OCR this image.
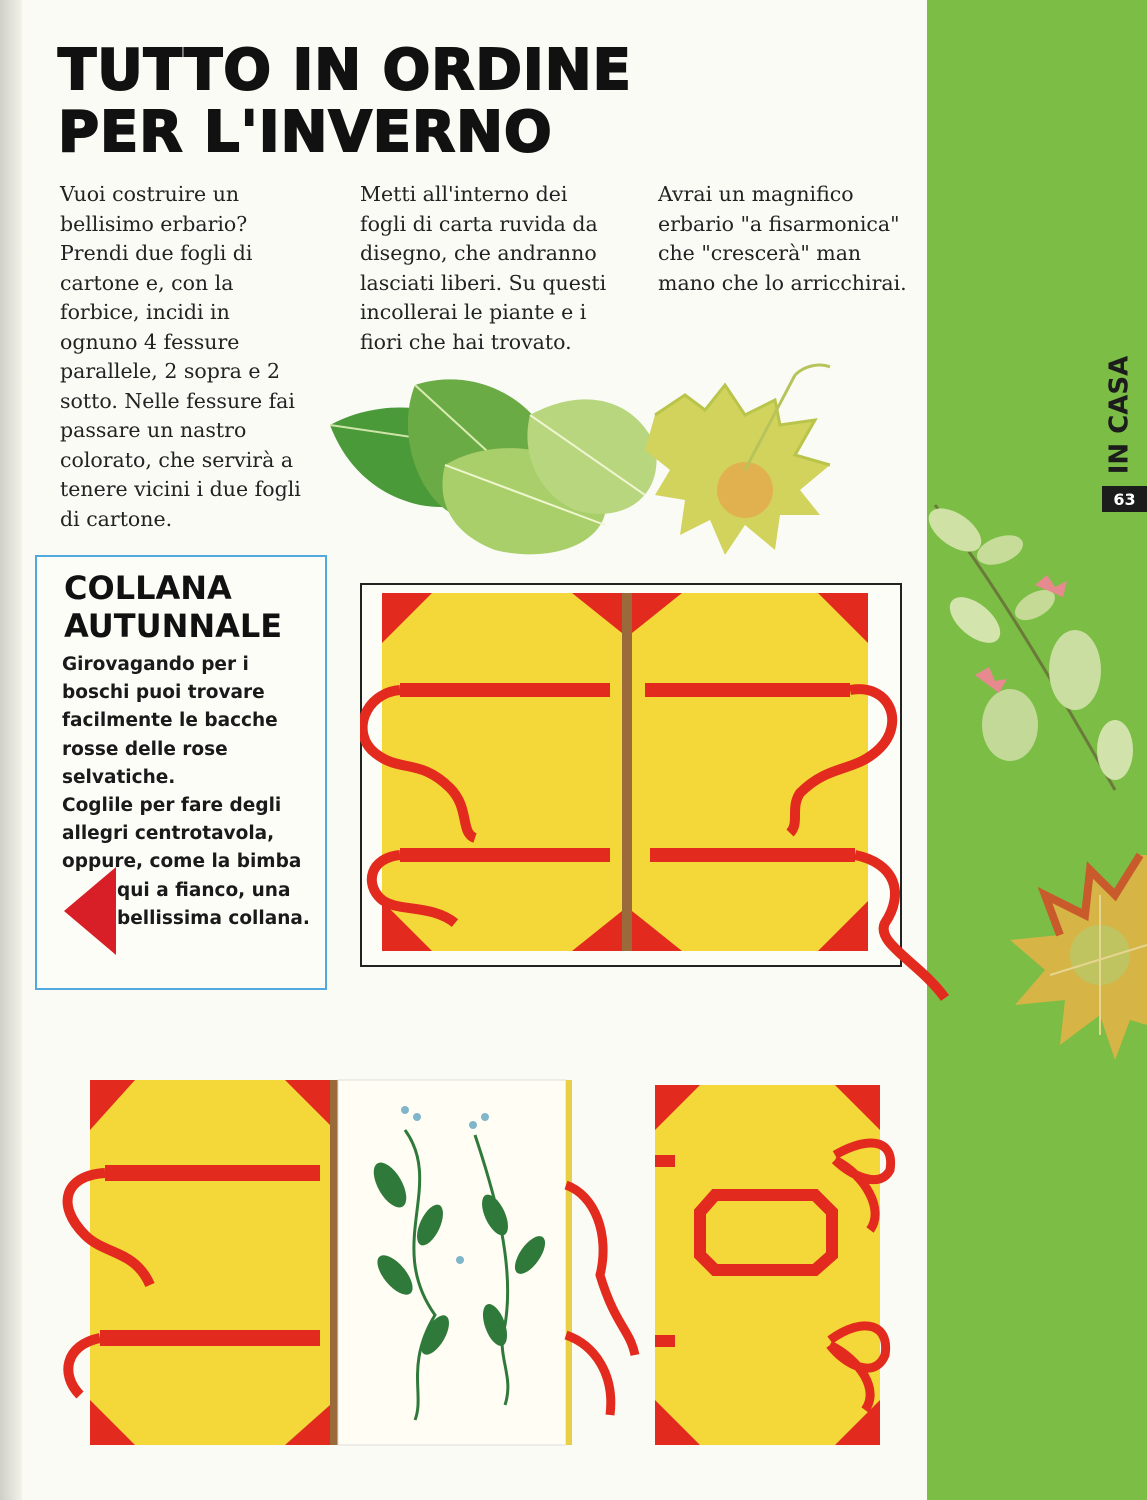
IN CASA
63
TUTTO IN ORDINE
PER L'INVERNO

Vuoi costruire un bellisimo erbario? Prendi due fogli di cartone e, con la forbice, incidi in ognuno 4 fessure parallele, 2 sopra e 2 sotto. Nelle fessure fai passare un nastro colorato, che servirà a tenere vicini i due fogli di cartone.

Metti all'interno dei fogli di carta ruvida da disegno, che andranno lasciati liberi. Su questi incollerai le piante e i fiori che hai trovato.

Avrai un magnifico erbario "a fisarmonica" che "crescerà" man mano che lo arricchirai.

COLLANA
AUTUNNALE

Girovagando per i boschi puoi trovare facilmente le bacche rosse delle rose selvatiche.

Coglile per fare degli allegri centrotavola, oppure, come la bimba

qui a fianco, una bellissima collana.
